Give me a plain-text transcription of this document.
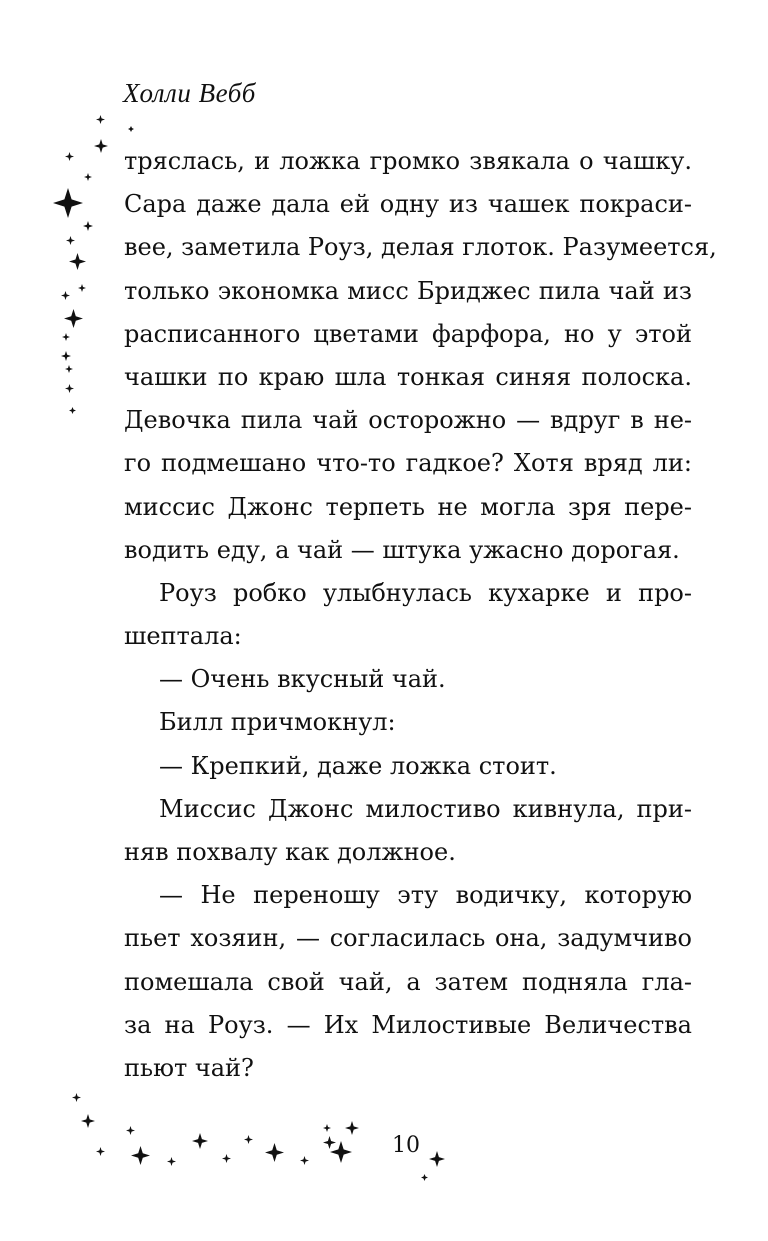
Холли Вебб
тряслась, и ложка громко звякала о чашку.
Сара даже дала ей одну из чашек покраси-
вее, заметила Роуз, делая глоток. Разумеется,
только экономка мисс Бриджес пила чай из
расписанного цветами фарфора, но у этой
чашки по краю шла тонкая синяя полоска.
Девочка пила чай осторожно — вдруг в не-
го подмешано что-то гадкое? Хотя вряд ли:
миссис Джонс терпеть не могла зря пере-
водить еду, а чай — штука ужасно дорогая.
Роуз робко улыбнулась кухарке и про-
шептала:
— Очень вкусный чай.
Билл причмокнул:
— Крепкий, даже ложка стоит.
Миссис Джонс милостиво кивнула, при-
няв похвалу как должное.
— Не переношу эту водичку, которую
пьет хозяин, — согласилась она, задумчиво
помешала свой чай, а затем подняла гла-
за на Роуз. — Их Милостивые Величества
пьют чай?
10
